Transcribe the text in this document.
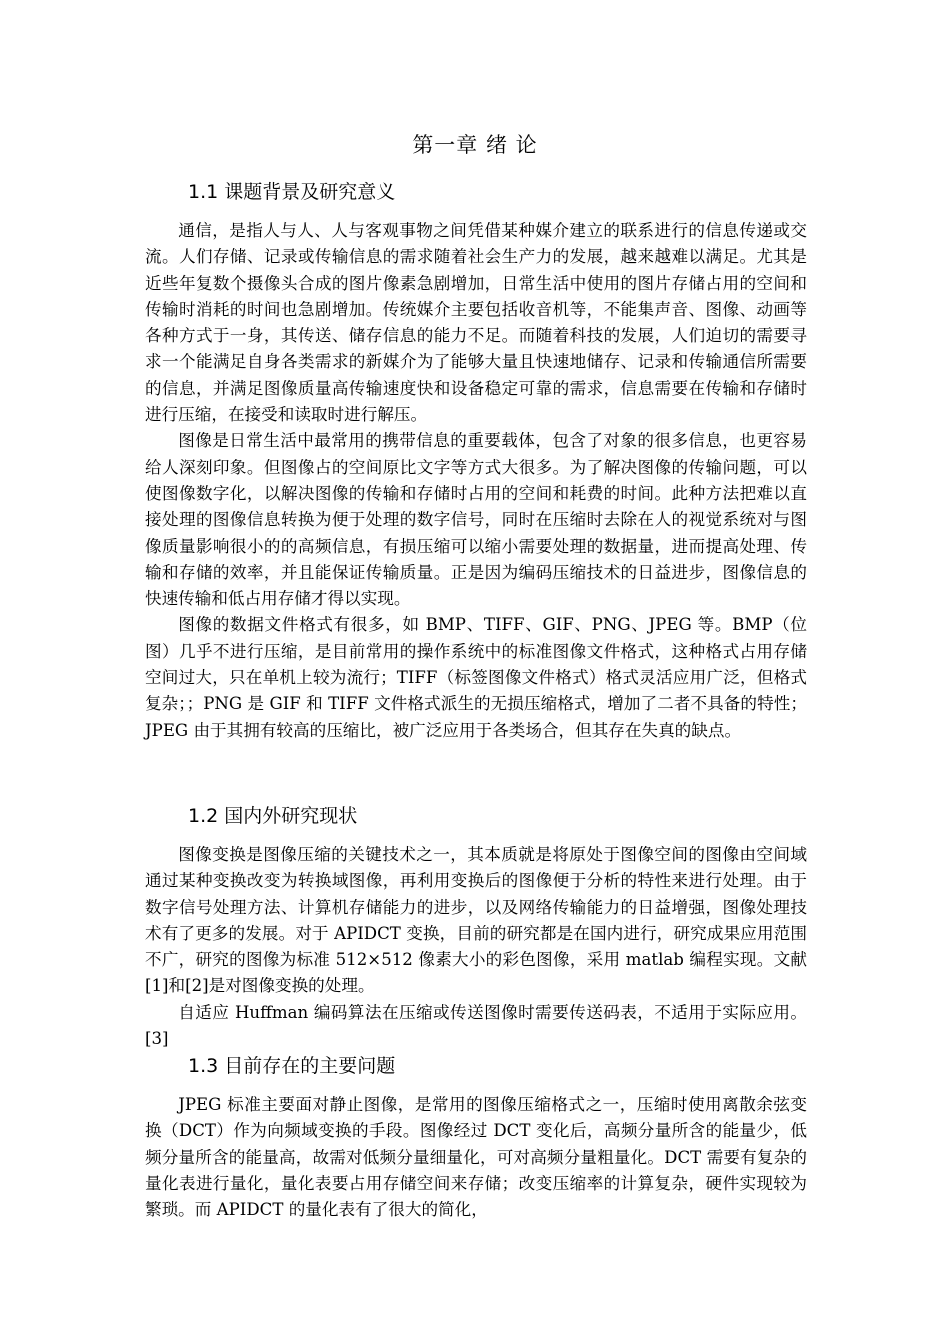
第一章 绪 论
1.1 课题背景及研究意义

通信，是指人与人、人与客观事物之间凭借某种媒介建立的联系进行的信息传递或交流。人们存储、记录或传输信息的需求随着社会生产力的发展，越来越难以满足。尤其是近些年复数个摄像头合成的图片像素急剧增加，日常生活中使用的图片存储占用的空间和传输时消耗的时间也急剧增加。传统媒介主要包括收音机等，不能集声音、图像、动画等各种方式于一身，其传送、储存信息的能力不足。而随着科技的发展，人们迫切的需要寻求一个能满足自身各类需求的新媒介为了能够大量且快速地储存、记录和传输通信所需要的信息，并满足图像质量高传输速度快和设备稳定可靠的需求，信息需要在传输和存储时进行压缩，在接受和读取时进行解压。

图像是日常生活中最常用的携带信息的重要载体，包含了对象的很多信息，也更容易给人深刻印象。但图像占的空间原比文字等方式大很多。为了解决图像的传输问题，可以使图像数字化，以解决图像的传输和存储时占用的空间和耗费的时间。此种方法把难以直接处理的图像信息转换为便于处理的数字信号，同时在压缩时去除在人的视觉系统对与图像质量影响很小的的高频信息，有损压缩可以缩小需要处理的数据量，进而提高处理、传输和存储的效率，并且能保证传输质量。正是因为编码压缩技术的日益进步，图像信息的快速传输和低占用存储才得以实现。

图像的数据文件格式有很多，如 BMP、TIFF、GIF、PNG、JPEG 等。BMP（位图）几乎不进行压缩，是目前常用的操作系统中的标准图像文件格式，这种格式占用存储空间过大，只在单机上较为流行；TIFF（标签图像文件格式）格式灵活应用广泛，但格式复杂；；PNG 是 GIF 和 TIFF 文件格式派生的无损压缩格式，增加了二者不具备的特性；JPEG 由于其拥有较高的压缩比，被广泛应用于各类场合，但其存在失真的缺点。

1.2 国内外研究现状

图像变换是图像压缩的关键技术之一，其本质就是将原处于图像空间的图像由空间域通过某种变换改变为转换域图像，再利用变换后的图像便于分析的特性来进行处理。由于数字信号处理方法、计算机存储能力的进步，以及网络传输能力的日益增强，图像处理技术有了更多的发展。对于 APIDCT 变换，目前的研究都是在国内进行，研究成果应用范围不广，研究的图像为标准 512×512 像素大小的彩色图像，采用 matlab 编程实现。文献[1]和[2]是对图像变换的处理。

自适应 Huffman 编码算法在压缩或传送图像时需要传送码表，不适用于实际应用。[3]

1.3 目前存在的主要问题

JPEG 标准主要面对静止图像，是常用的图像压缩格式之一，压缩时使用离散余弦变换（DCT）作为向频域变换的手段。图像经过 DCT 变化后，高频分量所含的能量少，低频分量所含的能量高，故需对低频分量细量化，可对高频分量粗量化。DCT 需要有复杂的量化表进行量化，量化表要占用存储空间来存储；改变压缩率的计算复杂，硬件实现较为繁琐。而 APIDCT 的量化表有了很大的简化，
